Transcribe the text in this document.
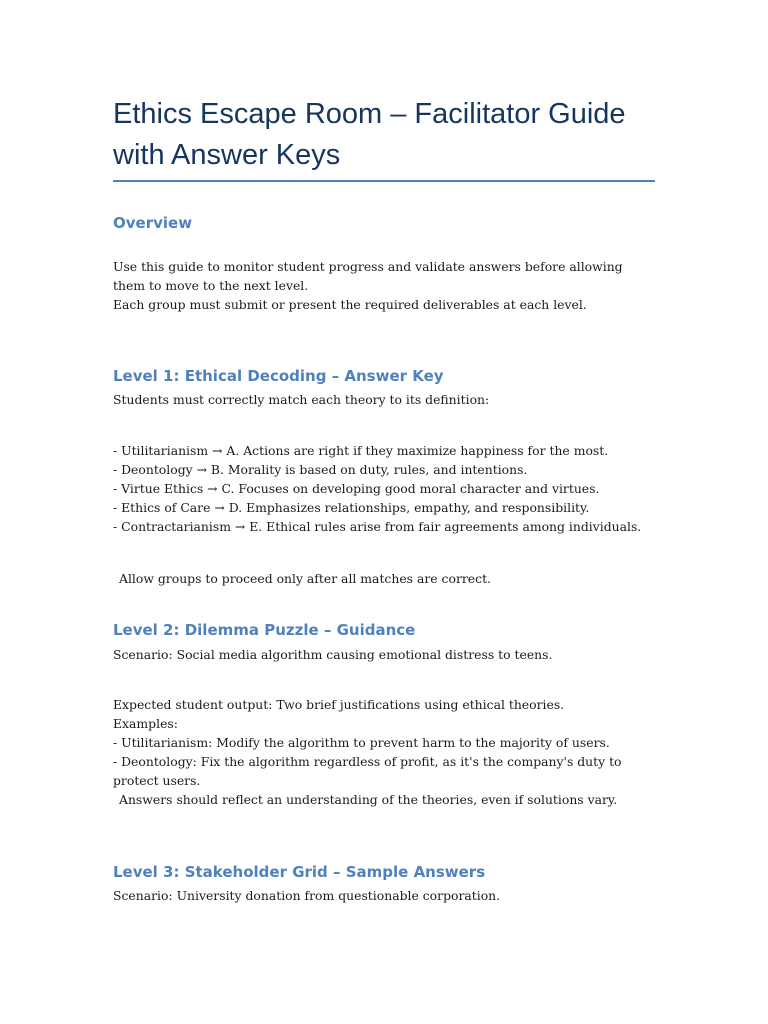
Ethics Escape Room – Facilitator Guide with Answer Keys
Overview
Use this guide to monitor student progress and validate answers before allowing them to move to the next level.
Each group must submit or present the required deliverables at each level.
Level 1: Ethical Decoding – Answer Key
Students must correctly match each theory to its definition:
- Utilitarianism → A. Actions are right if they maximize happiness for the most.
- Deontology → B. Morality is based on duty, rules, and intentions.
- Virtue Ethics → C. Focuses on developing good moral character and virtues.
- Ethics of Care → D. Emphasizes relationships, empathy, and responsibility.
- Contractarianism → E. Ethical rules arise from fair agreements among individuals.
Allow groups to proceed only after all matches are correct.
Level 2: Dilemma Puzzle – Guidance
Scenario: Social media algorithm causing emotional distress to teens.
Expected student output: Two brief justifications using ethical theories.
Examples:
- Utilitarianism: Modify the algorithm to prevent harm to the majority of users.
- Deontology: Fix the algorithm regardless of profit, as it's the company's duty to protect users.
Answers should reflect an understanding of the theories, even if solutions vary.
Level 3: Stakeholder Grid – Sample Answers
Scenario: University donation from questionable corporation.
